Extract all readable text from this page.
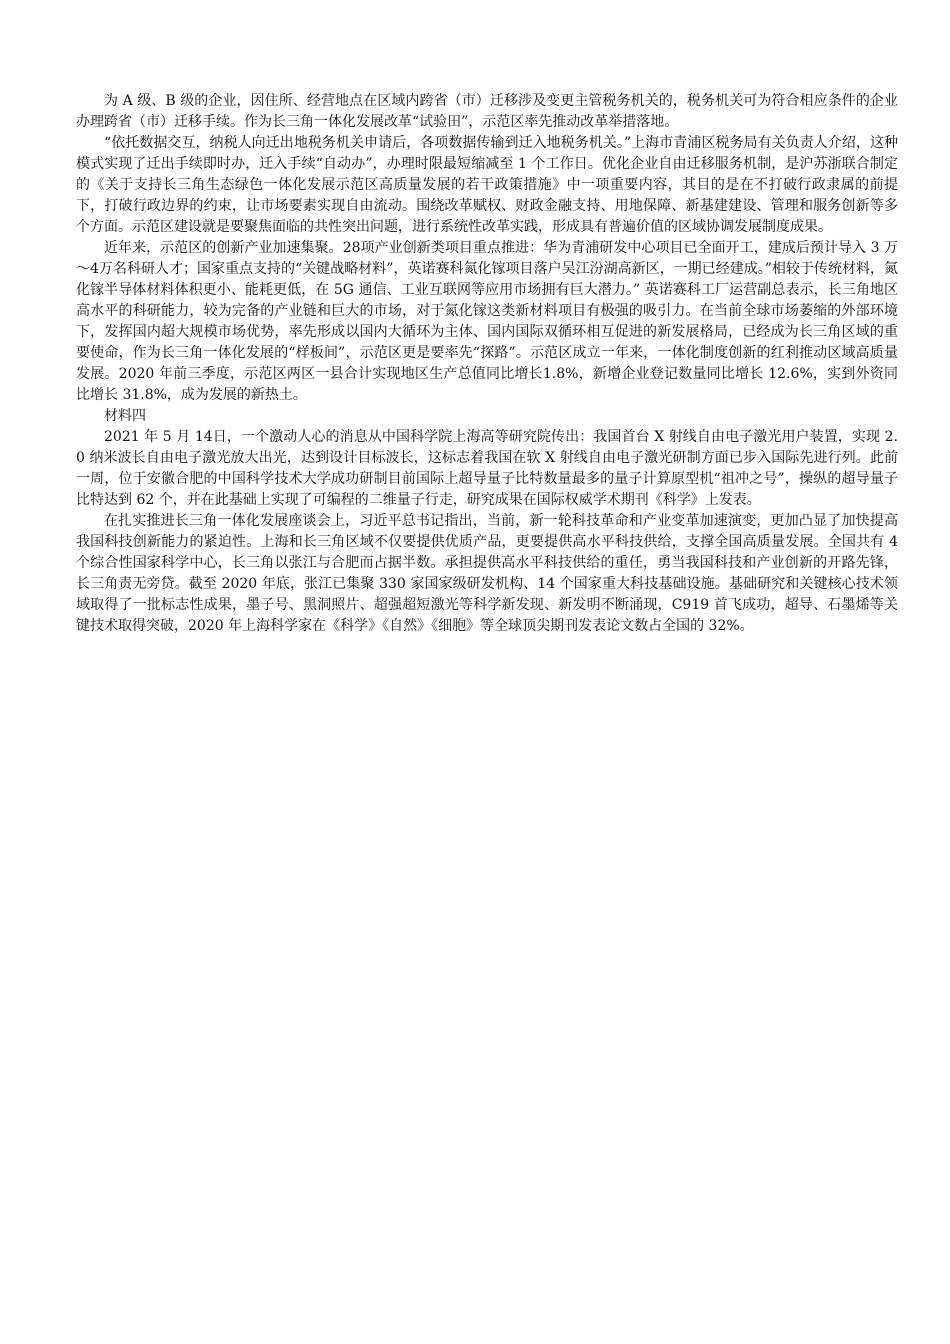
为 A 级、B 级的企业，因住所、经营地点在区域内跨省（市）迁移涉及变更主管税务机关的，税务机关可为符合相应条件的企业办理跨省（市）迁移手续。作为长三角一体化发展改革“试验田”，示范区率先推动改革举措落地。

“依托数据交互，纳税人向迁出地税务机关申请后，各项数据传输到迁入地税务机关。”上海市青浦区税务局有关负责人介绍，这种模式实现了迁出手续即时办，迁入手续“自动办”，办理时限最短缩减至 1 个工作日。优化企业自由迁移服务机制，是沪苏浙联合制定的《关于支持长三角生态绿色一体化发展示范区高质量发展的若干政策措施》中一项重要内容，其目的是在不打破行政隶属的前提下，打破行政边界的约束，让市场要素实现自由流动。围绕改革赋权、财政金融支持、用地保障、新基建建设、管理和服务创新等多个方面。示范区建设就是要聚焦面临的共性突出问题，进行系统性改革实践，形成具有普遍价值的区域协调发展制度成果。

近年来，示范区的创新产业加速集聚。28项产业创新类项目重点推进：华为青浦研发中心项目已全面开工，建成后预计导入 3 万～4万名科研人才；国家重点支持的“关键战略材料”，英诺赛科氮化镓项目落户吴江汾湖高新区，一期已经建成。”相较于传统材料，氮化镓半导体材料体积更小、能耗更低，在 5G 通信、工业互联网等应用市场拥有巨大潜力。” 英诺赛科工厂运营副总表示，长三角地区高水平的科研能力，较为完备的产业链和巨大的市场，对于氮化镓这类新材料项目有极强的吸引力。在当前全球市场萎缩的外部环境下，发挥国内超大规模市场优势，率先形成以国内大循环为主体、国内国际双循环相互促进的新发展格局，已经成为长三角区域的重要使命，作为长三角一体化发展的“样板间”，示范区更是要率先“探路”。示范区成立一年来，一体化制度创新的红利推动区域高质量发展。2020 年前三季度，示范区两区一县合计实现地区生产总值同比增长1.8%，新增企业登记数量同比增长 12.6%，实到外资同比增长 31.8%，成为发展的新热土。

材料四

2021 年 5 月 14日，一个激动人心的消息从中国科学院上海高等研究院传出：我国首台 X 射线自由电子激光用户装置，实现 2.0 纳米波长自由电子激光放大出光，达到设计目标波长，这标志着我国在软 X 射线自由电子激光研制方面已步入国际先进行列。此前一周，位于安徽合肥的中国科学技术大学成功研制目前国际上超导量子比特数量最多的量子计算原型机“祖冲之号”，操纵的超导量子比特达到 62 个，并在此基础上实现了可编程的二维量子行走，研究成果在国际权威学术期刊《科学》上发表。

在扎实推进长三角一体化发展座谈会上，习近平总书记指出，当前，新一轮科技革命和产业变革加速演变，更加凸显了加快提高我国科技创新能力的紧迫性。上海和长三角区域不仅要提供优质产品，更要提供高水平科技供给，支撑全国高质量发展。全国共有 4 个综合性国家科学中心，长三角以张江与合肥而占据半数。承担提供高水平科技供给的重任，勇当我国科技和产业创新的开路先锋，长三角责无旁贷。截至 2020 年底，张江已集聚 330 家国家级研发机构、14 个国家重大科技基础设施。基础研究和关键核心技术领域取得了一批标志性成果，墨子号、黑洞照片、超强超短激光等科学新发现、新发明不断涌现，C919 首飞成功，超导、石墨烯等关键技术取得突破，2020 年上海科学家在《科学》《自然》《细胞》等全球顶尖期刊发表论文数占全国的 32%。
